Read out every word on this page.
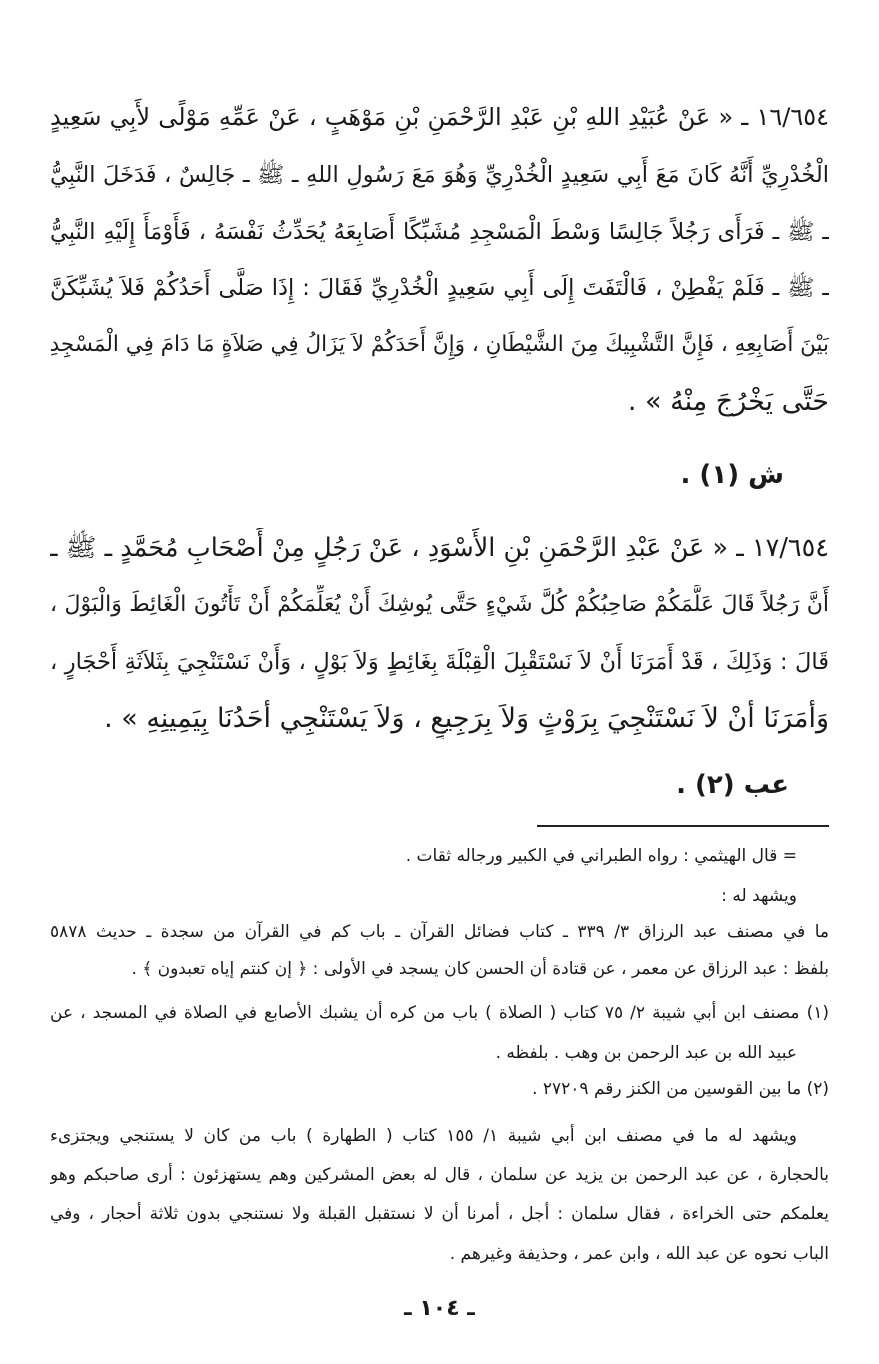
١٦/٦٥٤ ـ « عَنْ عُبَيْدِ اللهِ بْنِ عَبْدِ الرَّحْمَنِ بْنِ مَوْهَبٍ ، عَنْ عَمِّهِ مَوْلًى لأَبِي سَعِيدٍ
الْخُدْرِيِّ أَنَّهُ كَانَ مَعَ أَبِي سَعِيدٍ الْخُدْرِيِّ وَهُوَ مَعَ رَسُولِ اللهِ ـ ﷺ ـ جَالِسٌ ، فَدَخَلَ النَّبِيُّ
ـ ﷺ ـ فَرَأَى رَجُلاً جَالِسًا وَسْطَ الْمَسْجِدِ مُشَبِّكًا أَصَابِعَهُ يُحَدِّثُ نَفْسَهُ ، فَأَوْمَأَ إِلَيْهِ النَّبِيُّ
ـ ﷺ ـ فَلَمْ يَفْطِنْ ، فَالْتَفَتَ إِلَى أَبِي سَعِيدٍ الْخُدْرِيِّ فَقَالَ : إِذَا صَلَّى أَحَدُكُمْ فَلاَ يُشَبِّكَنَّ
بَيْنَ أَصَابِعِهِ ، فَإِنَّ التَّشْبِيكَ مِنَ الشَّيْطَانِ ، وَإِنَّ أَحَدَكُمْ لاَ يَزَالُ فِي صَلاَةٍ مَا دَامَ فِي الْمَسْجِدِ
حَتَّى يَخْرُجَ مِنْهُ » .
ش (١) .
١٧/٦٥٤ ـ « عَنْ عَبْدِ الرَّحْمَنِ بْنِ الأَسْوَدِ ، عَنْ رَجُلٍ مِنْ أَصْحَابِ مُحَمَّدٍ ـ ﷺ ـ
أَنَّ رَجُلاً قَالَ عَلَّمَكُمْ صَاحِبُكُمْ كُلَّ شَيْءٍ حَتَّى يُوشِكَ أَنْ يُعَلِّمَكُمْ أَنْ تَأْتُونَ الْغَائِطَ وَالْبَوْلَ ،
قَالَ : وَذَلِكَ ، قَدْ أَمَرَنَا أَنْ لاَ نَسْتَقْبِلَ الْقِبْلَةَ بِغَائِطٍ وَلاَ بَوْلٍ ، وَأَنْ نَسْتَنْجِيَ بِثَلاَثَةِ أَحْجَارٍ ،
وَأَمَرَنَا أَنْ لاَ نَسْتَنْجِيَ بِرَوْثٍ وَلاَ بِرَجِيعٍ ، وَلاَ يَسْتَنْجِي أَحَدُنَا بِيَمِينِهِ » .
عب (٢) .
= قال الهيثمي : رواه الطبراني في الكبير ورجاله ثقات .
ويشهد له :
ما في مصنف عبد الرزاق ٣/ ٣٣٩ ـ كتاب فضائل القرآن ـ باب كم في القرآن من سجدة ـ حديث ٥٨٧٨
بلفظ : عبد الرزاق عن معمر ، عن قتادة أن الحسن كان يسجد في الأولى : ﴿ إن كنتم إياه تعبدون ﴾ .
(١) مصنف ابن أبي شيبة ٢/ ٧٥ كتاب ( الصلاة ) باب من كره أن يشبك الأصابع في الصلاة في المسجد ، عن
عبيد الله بن عبد الرحمن بن وهب . بلفظه .
(٢) ما بين القوسين من الكنز رقم ٢٧٢٠٩ .
ويشهد له ما في مصنف ابن أبي شيبة ١/ ١٥٥ كتاب ( الطهارة ) باب من كان لا يستنجي ويجتزىء
بالحجارة ، عن عبد الرحمن بن يزيد عن سلمان ، قال له بعض المشركين وهم يستهزئون : أرى صاحبكم وهو
يعلمكم حتى الخراءة ، فقال سلمان : أجل ، أمرنا أن لا نستقبل القبلة ولا نستنجي بدون ثلاثة أحجار ، وفي
الباب نحوه عن عبد الله ، وابن عمر ، وحذيفة وغيرهم .
ـ ١٠٤ ـ
